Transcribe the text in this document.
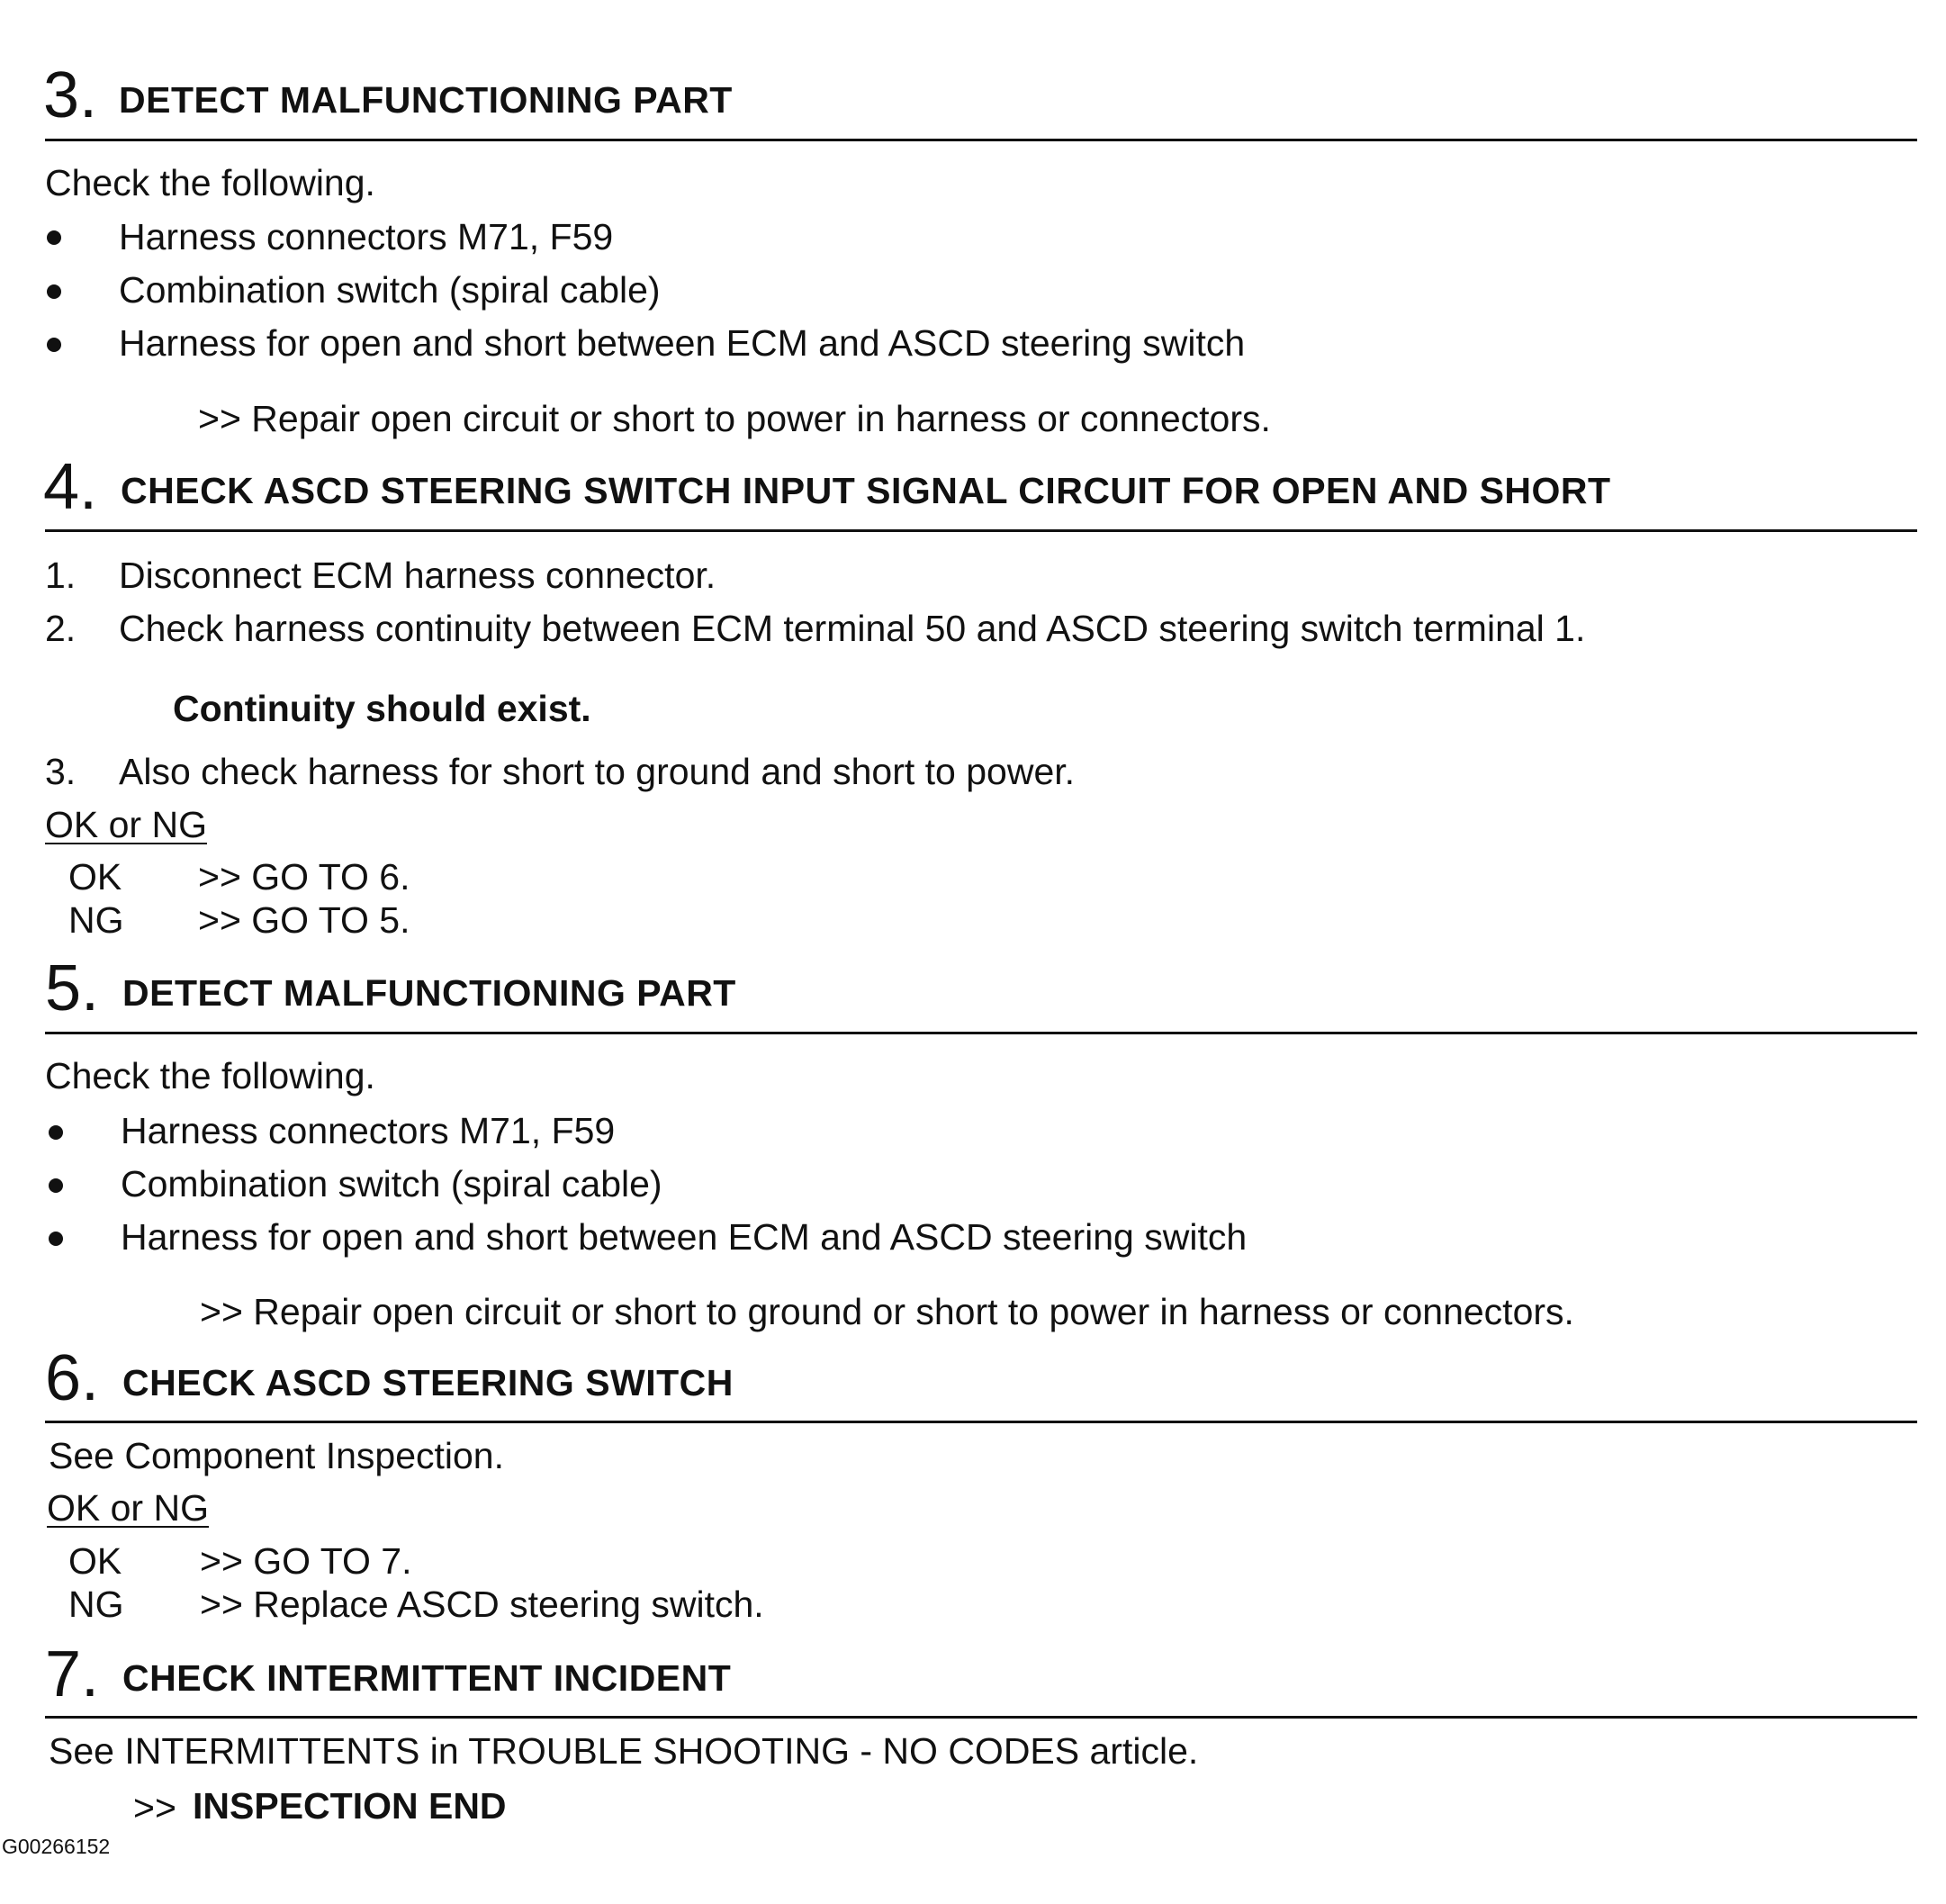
3. DETECT MALFUNCTIONING PART
Check the following.
Harness connectors M71, F59
Combination switch (spiral cable)
Harness for open and short between ECM and ASCD steering switch
>> Repair open circuit or short to power in harness or connectors.
4. CHECK ASCD STEERING SWITCH INPUT SIGNAL CIRCUIT FOR OPEN AND SHORT
1. Disconnect ECM harness connector.
2. Check harness continuity between ECM terminal 50 and ASCD steering switch terminal 1.
Continuity should exist.
3. Also check harness for short to ground and short to power.
OK or NG
OK >> GO TO 6.
NG >> GO TO 5.
5. DETECT MALFUNCTIONING PART
Check the following.
Harness connectors M71, F59
Combination switch (spiral cable)
Harness for open and short between ECM and ASCD steering switch
>> Repair open circuit or short to ground or short to power in harness or connectors.
6. CHECK ASCD STEERING SWITCH
See Component Inspection.
OK or NG
OK >> GO TO 7.
NG >> Replace ASCD steering switch.
7. CHECK INTERMITTENT INCIDENT
See INTERMITTENTS in TROUBLE SHOOTING - NO CODES article.
>> INSPECTION END
G00266152
